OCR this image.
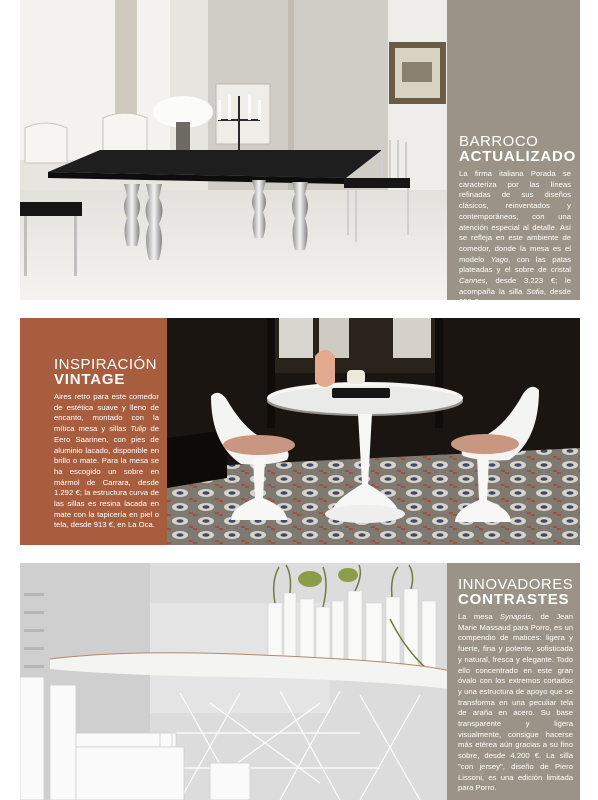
BARROCO
ACTUALIZADO
La firma italiana Porada se caracteriza por las líneas refinadas de sus diseños clásicos, reinventados y contemporáneos, con una atención especial al detalle. Así se refleja en este ambiente de comedor, donde la mesa es el modelo Yago, con las patas plateadas y el sobre de cristal Cannes, desde 3.223 €; le acompaña la silla Sofia, desde 150 €.
INSPIRACIÓN
VINTAGE
Aires retro para este comedor de estética suave y lleno de encanto, montado con la mítica mesa y sillas Tulip de Eero Saarinen, con pies de aluminio lacado, disponible en brillo o mate. Para la mesa se ha escogido un sobre en mármol de Carrara, desde 1.292 €; la estructura curva de las sillas es resina lacada en mate con la tapicería en piel o tela, desde 913 €, en La Oca.
INNOVADORES
CONTRASTES
La mesa Synapsis, de Jean Marie Massaud para Porro, es un compendio de matices: ligera y fuerte, fina y potente, sofisticada y natural, fresca y elegante. Todo ello concentrado en este gran óvalo con los extremos cortados y una estructura de apoyo que se transforma en una peculiar tela de araña en acero. Su base transparente y ligera visualmente, consigue hacerse más etérea aún gracias a su fino sobre, desde 4.200 €. La silla "con jersey", diseño de Piero Lissoni, es una edición limitada para Porro.
